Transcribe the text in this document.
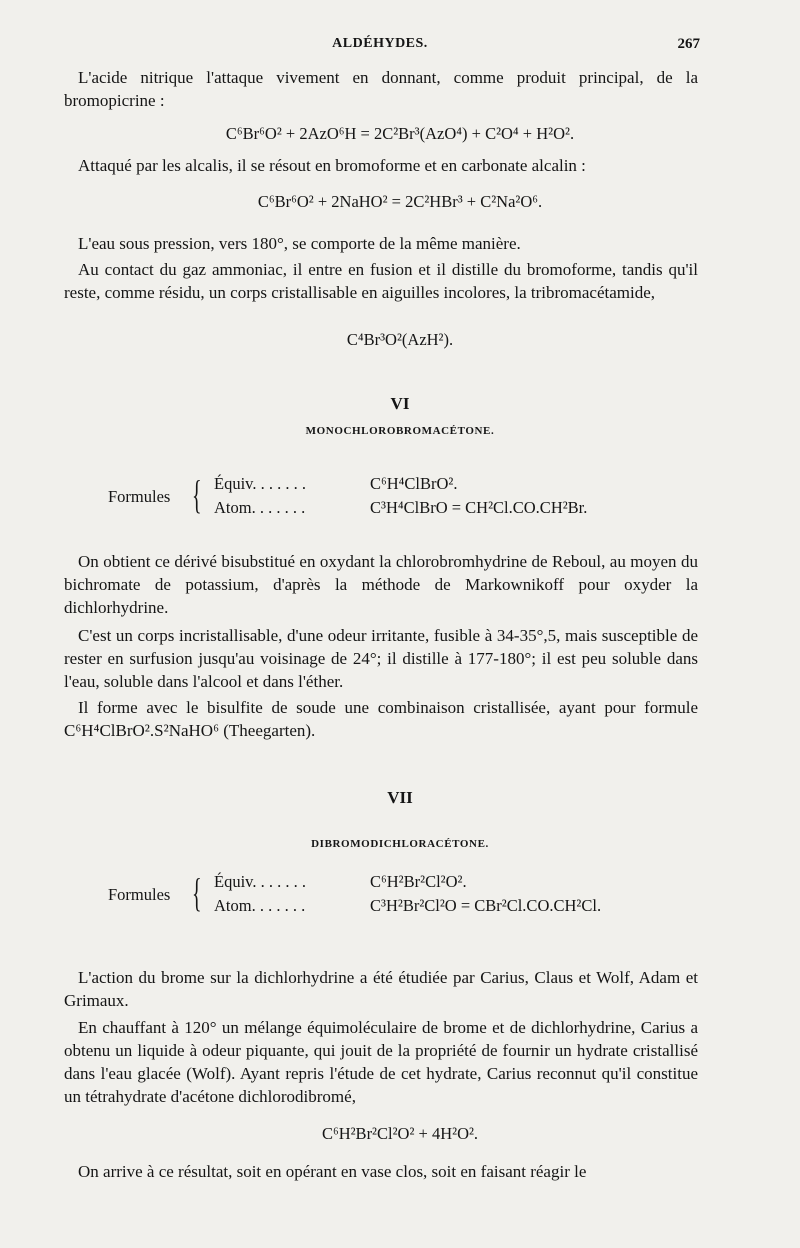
ALDÉHYDES.	267
L'acide nitrique l'attaque vivement en donnant, comme produit principal, de la bromopicrine :
C⁶Br⁶O² + 2AzO⁶H = 2C²Br³(AzO⁴) + C²O⁴ + H²O².
Attaqué par les alcalis, il se résout en bromoforme et en carbonate alcalin :
C⁶Br⁶O² + 2NaHO² = 2C²HBr³ + C²Na²O⁶.
L'eau sous pression, vers 180°, se comporte de la même manière.
Au contact du gaz ammoniac, il entre en fusion et il distille du bromoforme, tandis qu'il reste, comme résidu, un corps cristallisable en aiguilles incolores, la tribromacétamide,
C⁴Br³O²(AzH²).
VI
MONOCHLOROBROMACÉTONE.
Formules { Équiv. . . . . . .	C⁶H⁴ClBrO².
Atom. . . . . . .	C³H⁴ClBrO = CH²Cl.CO.CH²Br.
On obtient ce dérivé bisubstitué en oxydant la chlorobromhydrine de Reboul, au moyen du bichromate de potassium, d'après la méthode de Markownikoff pour oxyder la dichlorhydrine.
C'est un corps incristallisable, d'une odeur irritante, fusible à 34-35°,5, mais susceptible de rester en surfusion jusqu'au voisinage de 24°; il distille à 177-180°; il est peu soluble dans l'eau, soluble dans l'alcool et dans l'éther.
Il forme avec le bisulfite de soude une combinaison cristallisée, ayant pour formule C⁶H⁴ClBrO².S²NaHO⁶ (Theegarten).
VII
DIBROMODICHLORACÉTONE.
Formules { Équiv. . . . . . .	C⁶H²Br²Cl²O².
Atom. . . . . . .	C³H²Br²Cl²O = CBr²Cl.CO.CH²Cl.
L'action du brome sur la dichlorhydrine a été étudiée par Carius, Claus et Wolf, Adam et Grimaux.
En chauffant à 120° un mélange équimoléculaire de brome et de dichlorhydrine, Carius a obtenu un liquide à odeur piquante, qui jouit de la propriété de fournir un hydrate cristallisé dans l'eau glacée (Wolf). Ayant repris l'étude de cet hydrate, Carius reconnut qu'il constitue un tétrahydrate d'acétone dichlorodibromé,
C⁶H²Br²Cl²O² + 4H²O².
On arrive à ce résultat, soit en opérant en vase clos, soit en faisant réagir le
